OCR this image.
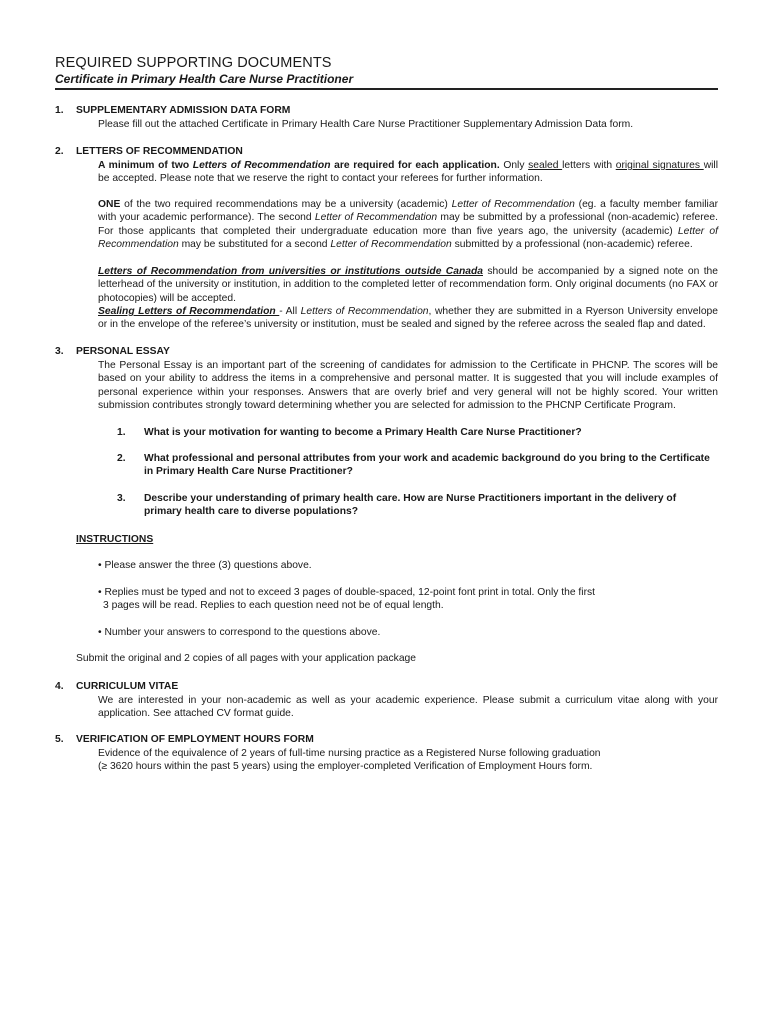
REQUIRED SUPPORTING DOCUMENTS
Certificate in Primary Health Care Nurse Practitioner
1. SUPPLEMENTARY ADMISSION DATA FORM
Please fill out the attached Certificate in Primary Health Care Nurse Practitioner Supplementary Admission Data form.
2. LETTERS OF RECOMMENDATION
A minimum of two Letters of Recommendation are required for each application. Only sealed letters with original signatures will be accepted. Please note that we reserve the right to contact your referees for further information.
ONE of the two required recommendations may be a university (academic) Letter of Recommendation (eg. a faculty member familiar with your academic performance). The second Letter of Recommendation may be submitted by a professional (non-academic) referee. For those applicants that completed their undergraduate education more than five years ago, the university (academic) Letter of Recommendation may be substituted for a second Letter of Recommendation submitted by a professional (non-academic) referee.
Letters of Recommendation from universities or institutions outside Canada should be accompanied by a signed note on the letterhead of the university or institution, in addition to the completed letter of recommendation form. Only original documents (no FAX or photocopies) will be accepted.
Sealing Letters of Recommendation - All Letters of Recommendation, whether they are submitted in a Ryerson University envelope or in the envelope of the referee’s university or institution, must be sealed and signed by the referee across the sealed flap and dated.
3. PERSONAL ESSAY
The Personal Essay is an important part of the screening of candidates for admission to the Certificate in PHCNP. The scores will be based on your ability to address the items in a comprehensive and personal matter. It is suggested that you will include examples of personal experience within your responses. Answers that are overly brief and very general will not be highly scored. Your written submission contributes strongly toward determining whether you are selected for admission to the PHCNP Certificate Program.
1. What is your motivation for wanting to become a Primary Health Care Nurse Practitioner?
2. What professional and personal attributes from your work and academic background do you bring to the Certificate in Primary Health Care Nurse Practitioner?
3. Describe your understanding of primary health care. How are Nurse Practitioners important in the delivery of primary health care to diverse populations?
INSTRUCTIONS
• Please answer the three (3) questions above.
• Replies must be typed and not to exceed 3 pages of double-spaced, 12-point font print in total. Only the first
3 pages will be read. Replies to each question need not be of equal length.
• Number your answers to correspond to the questions above.
Submit the original and 2 copies of all pages with your application package
4. CURRICULUM VITAE
We are interested in your non-academic as well as your academic experience. Please submit a curriculum vitae along with your application. See attached CV format guide.
5. VERIFICATION OF EMPLOYMENT HOURS FORM
Evidence of the equivalence of 2 years of full-time nursing practice as a Registered Nurse following graduation
(≥ 3620 hours within the past 5 years) using the employer-completed Verification of Employment Hours form.
